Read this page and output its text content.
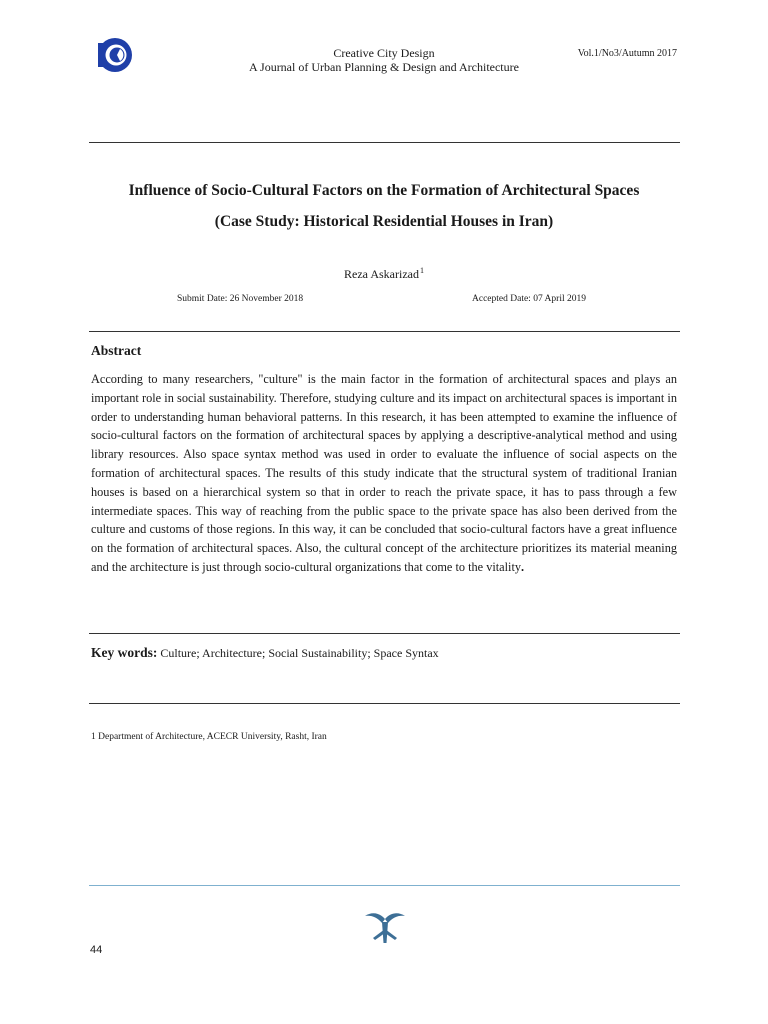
Creative City Design
A Journal of Urban Planning & Design and Architecture
Vol.1/No3/Autumn 2017
Influence of Socio-Cultural Factors on the Formation of Architectural Spaces
(Case Study: Historical Residential Houses in Iran)
Reza Askarizad$^1$
Submit Date: 26 November 2018	Accepted Date: 07 April 2019
Abstract
According to many researchers, "culture" is the main factor in the formation of architectural spaces and plays an important role in social sustainability. Therefore, studying culture and its impact on architectural spaces is important in order to understanding human behavioral patterns. In this research, it has been attempted to examine the influence of socio-cultural factors on the formation of architectural spaces by applying a descriptive-analytical method and using library resources. Also space syntax method was used in order to evaluate the influence of social aspects on the formation of architectural spaces. The results of this study indicate that the structural system of traditional Iranian houses is based on a hierarchical system so that in order to reach the private space, it has to pass through a few intermediate spaces. This way of reaching from the public space to the private space has also been derived from the culture and customs of those regions. In this way, it can be concluded that socio-cultural factors have a great influence on the formation of architectural spaces. Also, the cultural concept of the architecture prioritizes its material meaning and the architecture is just through socio-cultural organizations that come to the vitality.
Key words: Culture; Architecture; Social Sustainability; Space Syntax
1 Department of Architecture, ACECR University, Rasht, Iran
44
